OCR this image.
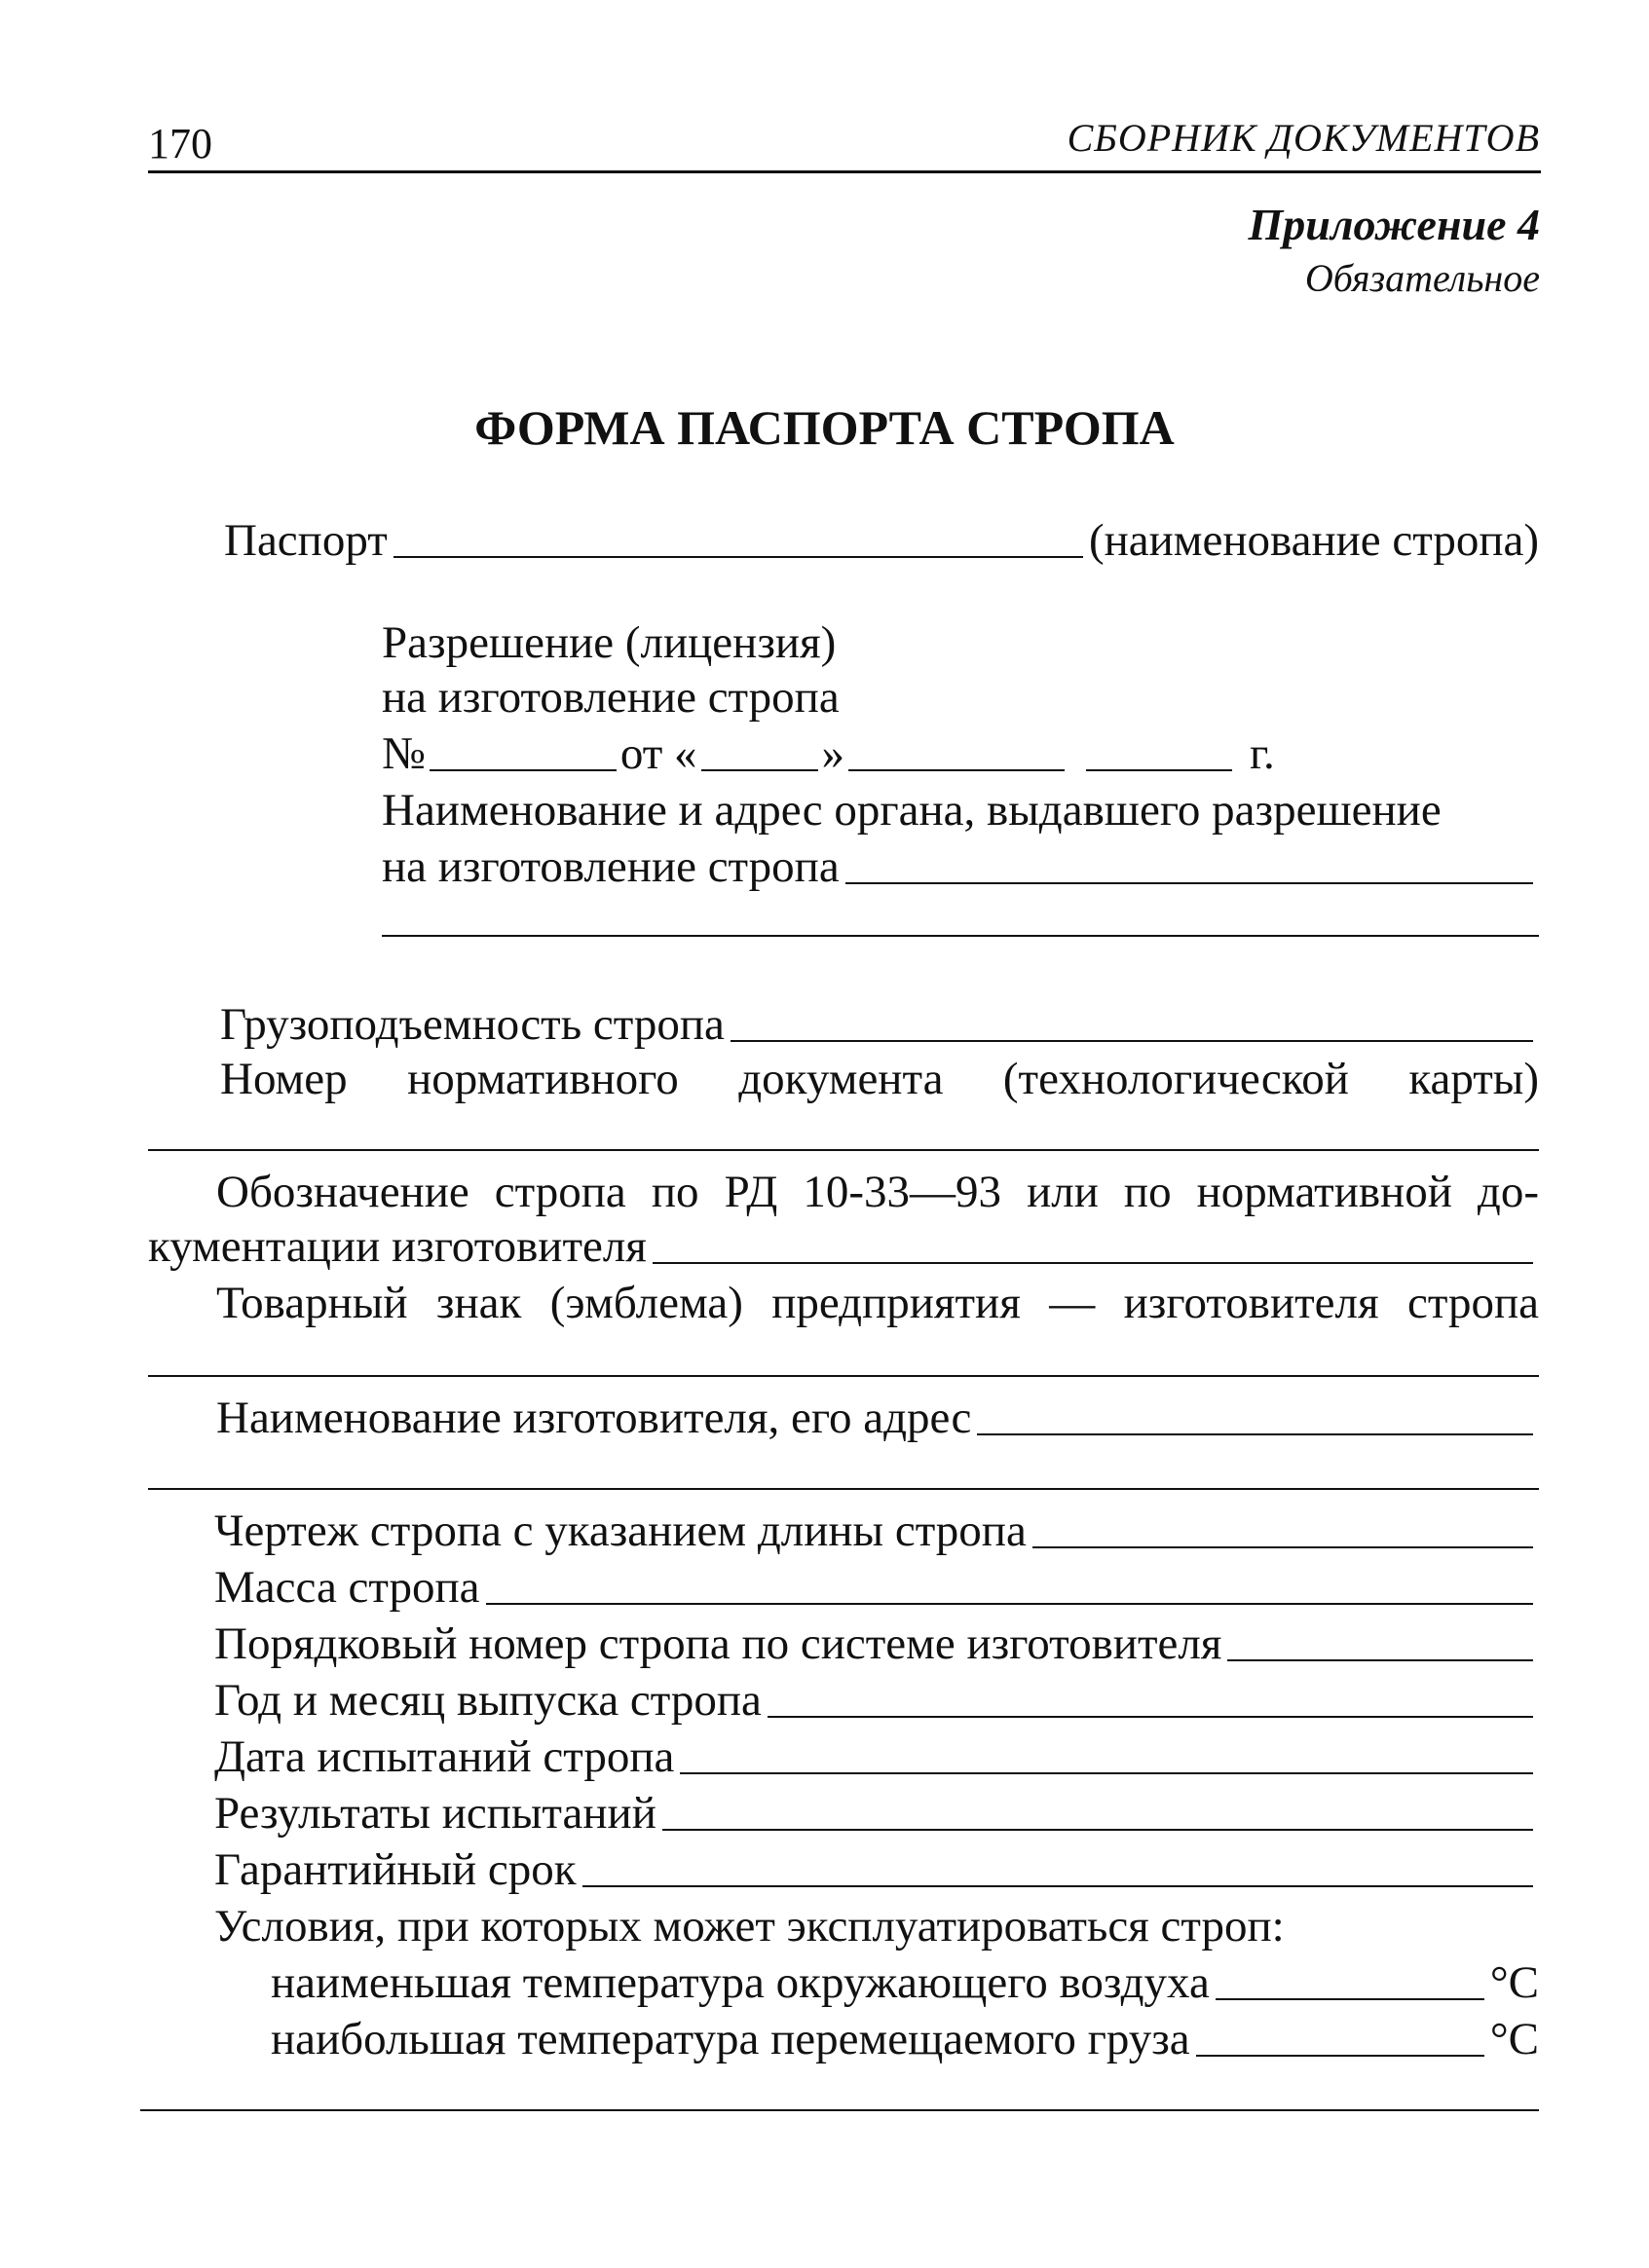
170	СБОРНИК ДОКУМЕНТОВ
Приложение 4
Обязательное
ФОРМА ПАСПОРТА СТРОПА
Паспорт	(наименование стропа)
Разрешение (лицензия)
на изготовление стропа
№	от «	»	г.
Наименование и адрес органа, выдавшего разрешение
на изготовление стропа
Грузоподъемность стропа
Номер нормативного документа (технологической карты)
Обозначение стропа по РД 10-33—93 или по нормативной до-
кументации изготовителя
Товарный знак (эмблема) предприятия — изготовителя стропа
Наименование изготовителя, его адрес
Чертеж стропа с указанием длины стропа
Масса стропа
Порядковый номер стропа по системе изготовителя
Год и месяц выпуска стропа
Дата испытаний стропа
Результаты испытаний
Гарантийный срок
Условия, при которых может эксплуатироваться строп:
наименьшая температура окружающего воздуха	°С
наибольшая температура перемещаемого груза	°С
